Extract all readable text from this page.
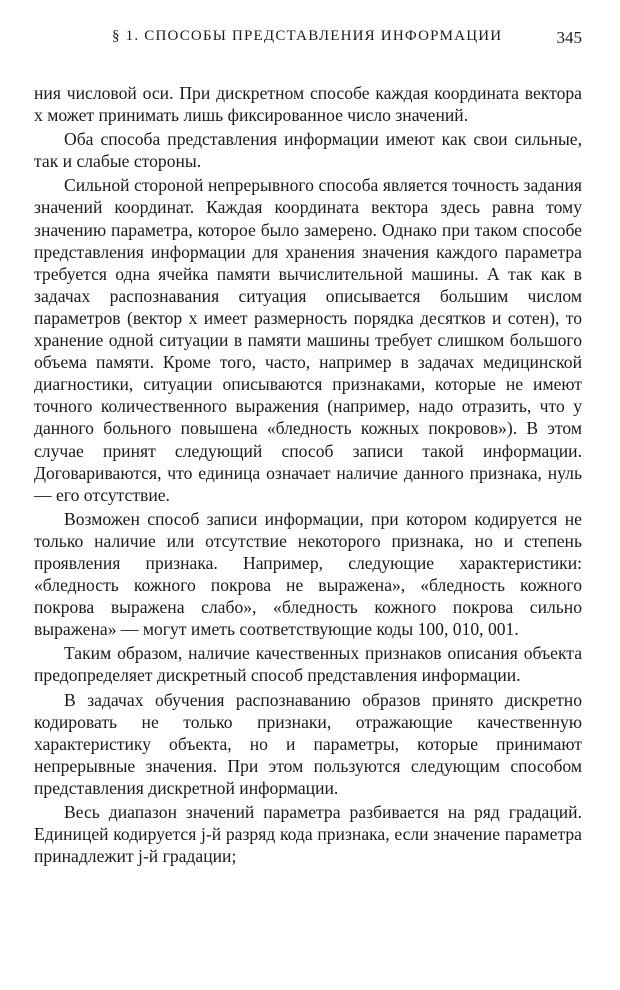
§ 1. СПОСОБЫ ПРЕДСТАВЛЕНИЯ ИНФОРМАЦИИ	345

ния числовой оси. При дискретном способе каждая координата вектора x может принимать лишь фиксированное число значений.

Оба способа представления информации имеют как свои сильные, так и слабые стороны.

Сильной стороной непрерывного способа является точность задания значений координат. Каждая координата вектора здесь равна тому значению параметра, которое было замерено. Однако при таком способе представления информации для хранения значения каждого параметра требуется одна ячейка памяти вычислительной машины. А так как в задачах распознавания ситуация описывается большим числом параметров (вектор x имеет размерность порядка десятков и сотен), то хранение одной ситуации в памяти машины требует слишком большого объема памяти. Кроме того, часто, например в задачах медицинской диагностики, ситуации описываются признаками, которые не имеют точного количественного выражения (например, надо отразить, что у данного больного повышена «бледность кожных покровов»). В этом случае принят следующий способ записи такой информации. Договариваются, что единица означает наличие данного признака, нуль — его отсутствие.

Возможен способ записи информации, при котором кодируется не только наличие или отсутствие некоторого признака, но и степень проявления признака. Например, следующие характеристики: «бледность кожного покрова не выражена», «бледность кожного покрова выражена слабо», «бледность кожного покрова сильно выражена» — могут иметь соответствующие коды 100, 010, 001.

Таким образом, наличие качественных признаков описания объекта предопределяет дискретный способ представления информации.

В задачах обучения распознаванию образов принято дискретно кодировать не только признаки, отражающие качественную характеристику объекта, но и параметры, которые принимают непрерывные значения. При этом пользуются следующим способом представления дискретной информации.

Весь диапазон значений параметра разбивается на ряд градаций. Единицей кодируется j-й разряд кода признака, если значение параметра принадлежит j-й градации;
